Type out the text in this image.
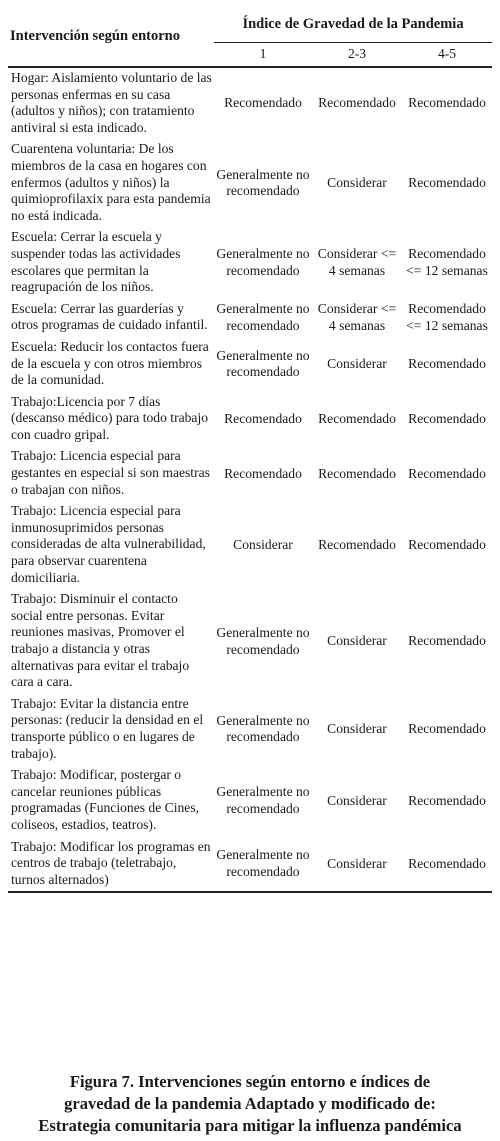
Intervención según entorno	Índice de Gravedad de la Pandemia		
	1	2-3	4-5
Hogar: Aislamiento voluntario de las personas enfermas en su casa (adultos y niños); con tratamiento antiviral si esta indicado.	Recomendado	Recomendado	Recomendado
Cuarentena voluntaria: De los miembros de la casa en hogares con enfermos (adultos y niños) la quimioprofilaxix para esta pandemia no está indicada.	Generalmente no recomendado	Considerar	Recomendado
Escuela: Cerrar la escuela y suspender todas las actividades escolares que permitan la reagrupación de los niños.	Generalmente no recomendado	Considerar <= 4 semanas	Recomendado <= 12 semanas
Escuela: Cerrar las guarderías y otros programas de cuidado infantil.	Generalmente no recomendado	Considerar <= 4 semanas	Recomendado <= 12 semanas
Escuela: Reducir los contactos fuera de la escuela y con otros miembros de la comunidad.	Generalmente no recomendado	Considerar	Recomendado
Trabajo:Licencia por 7 días (descanso médico) para todo trabajo con cuadro gripal.	Recomendado	Recomendado	Recomendado
Trabajo: Licencia especial para gestantes en especial si son maestras o trabajan con niños.	Recomendado	Recomendado	Recomendado
Trabajo: Licencia especial para inmunosuprimidos personas consideradas de alta vulnerabilidad, para observar cuarentena domiciliaria.	Considerar	Recomendado	Recomendado
Trabajo: Disminuir el contacto social entre personas. Evitar reuniones masivas, Promover el trabajo a distancia y otras alternativas para evitar el trabajo cara a cara.	Generalmente no recomendado	Considerar	Recomendado
Trabajo: Evitar la distancia entre personas: (reducir la densidad en el transporte público o en lugares de trabajo).	Generalmente no recomendado	Considerar	Recomendado
Trabajo: Modificar, postergar o cancelar reuniones públicas programadas (Funciones de Cines, coliseos, estadios, teatros).	Generalmente no recomendado	Considerar	Recomendado
Trabajo: Modificar los programas en centros de trabajo (teletrabajo, turnos alternados)	Generalmente no recomendado	Considerar	Recomendado
Figura 7. Intervenciones según entorno e índices de
gravedad de la pandemia Adaptado y modificado de:
Estrategia comunitaria para mitigar la influenza pandémica
